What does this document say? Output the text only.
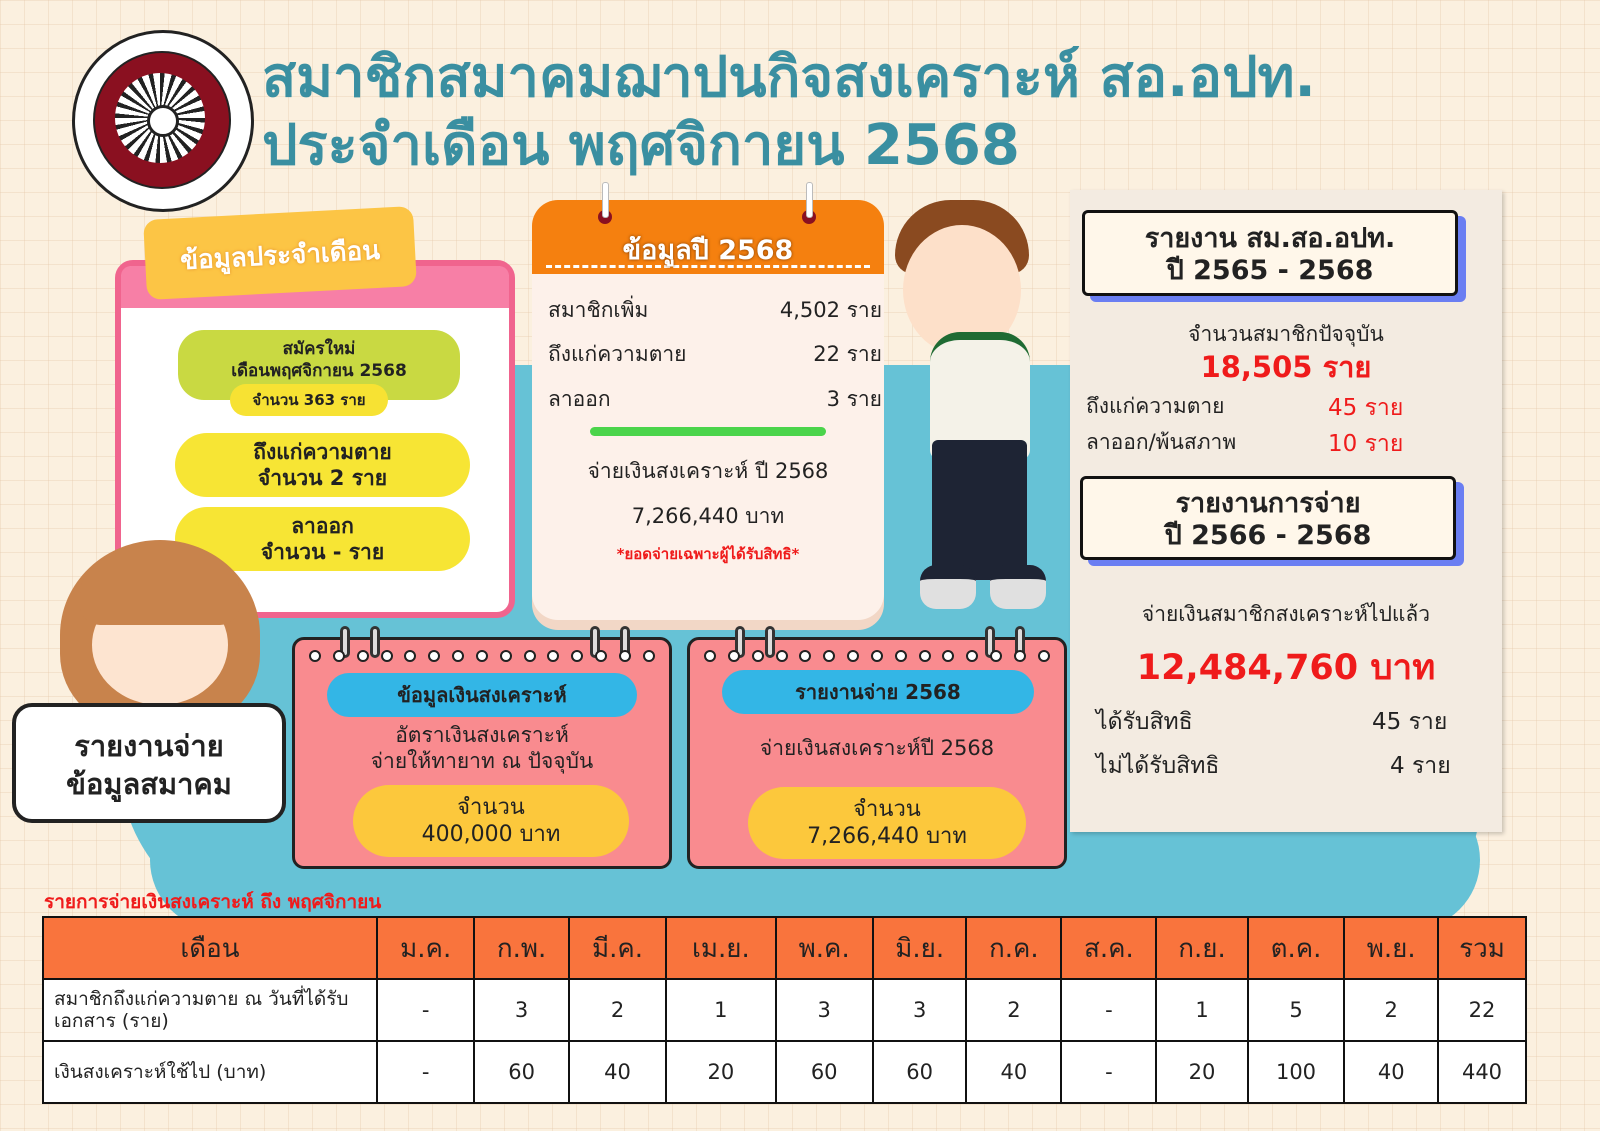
สมาชิกสมาคมฌาปนกิจสงเคราะห์ สอ.อปท.
ประจำเดือน พฤศจิกายน 2568
ข้อมูลประจำเดือน
สมัครใหม่
เดือนพฤศจิกายน 2568
จำนวน 363 ราย
ถึงแก่ความตาย
จำนวน 2 ราย
ลาออก
จำนวน - ราย
ข้อมูลปี 2568
สมาชิกเพิ่ม	4,502 ราย
ถึงแก่ความตาย	22 ราย
ลาออก	3 ราย
จ่ายเงินสงเคราะห์ ปี 2568
7,266,440 บาท
*ยอดจ่ายเฉพาะผู้ได้รับสิทธิ*
รายงานจ่าย
ข้อมูลสมาคม
ข้อมูลเงินสงเคราะห์
อัตราเงินสงเคราะห์
จ่ายให้ทายาท ณ ปัจจุบัน
จำนวน
400,000 บาท
รายงานจ่าย 2568
จ่ายเงินสงเคราะห์ปี 2568
จำนวน
7,266,440 บาท
รายงาน สม.สอ.อปท.
ปี 2565 - 2568
จำนวนสมาชิกปัจจุบัน
18,505 ราย
ถึงแก่ความตาย	45 ราย
ลาออก/พ้นสภาพ	10 ราย
รายงานการจ่าย
ปี 2566 - 2568
จ่ายเงินสมาชิกสงเคราะห์ไปแล้ว
12,484,760 บาท
ได้รับสิทธิ	45 ราย
ไม่ได้รับสิทธิ	4 ราย
รายการจ่ายเงินสงเคราะห์ ถึง พฤศจิกายน
เดือน	ม.ค.	ก.พ.	มี.ค.	เม.ย.	พ.ค.	มิ.ย.	ก.ค.	ส.ค.	ก.ย.	ต.ค.	พ.ย.	รวม
สมาชิกถึงแก่ความตาย ณ วันที่ได้รับเอกสาร (ราย)	-	3	2	1	3	3	2	-	1	5	2	22
เงินสงเคราะห์ใช้ไป (บาท)	-	60	40	20	60	60	40	-	20	100	40	440
